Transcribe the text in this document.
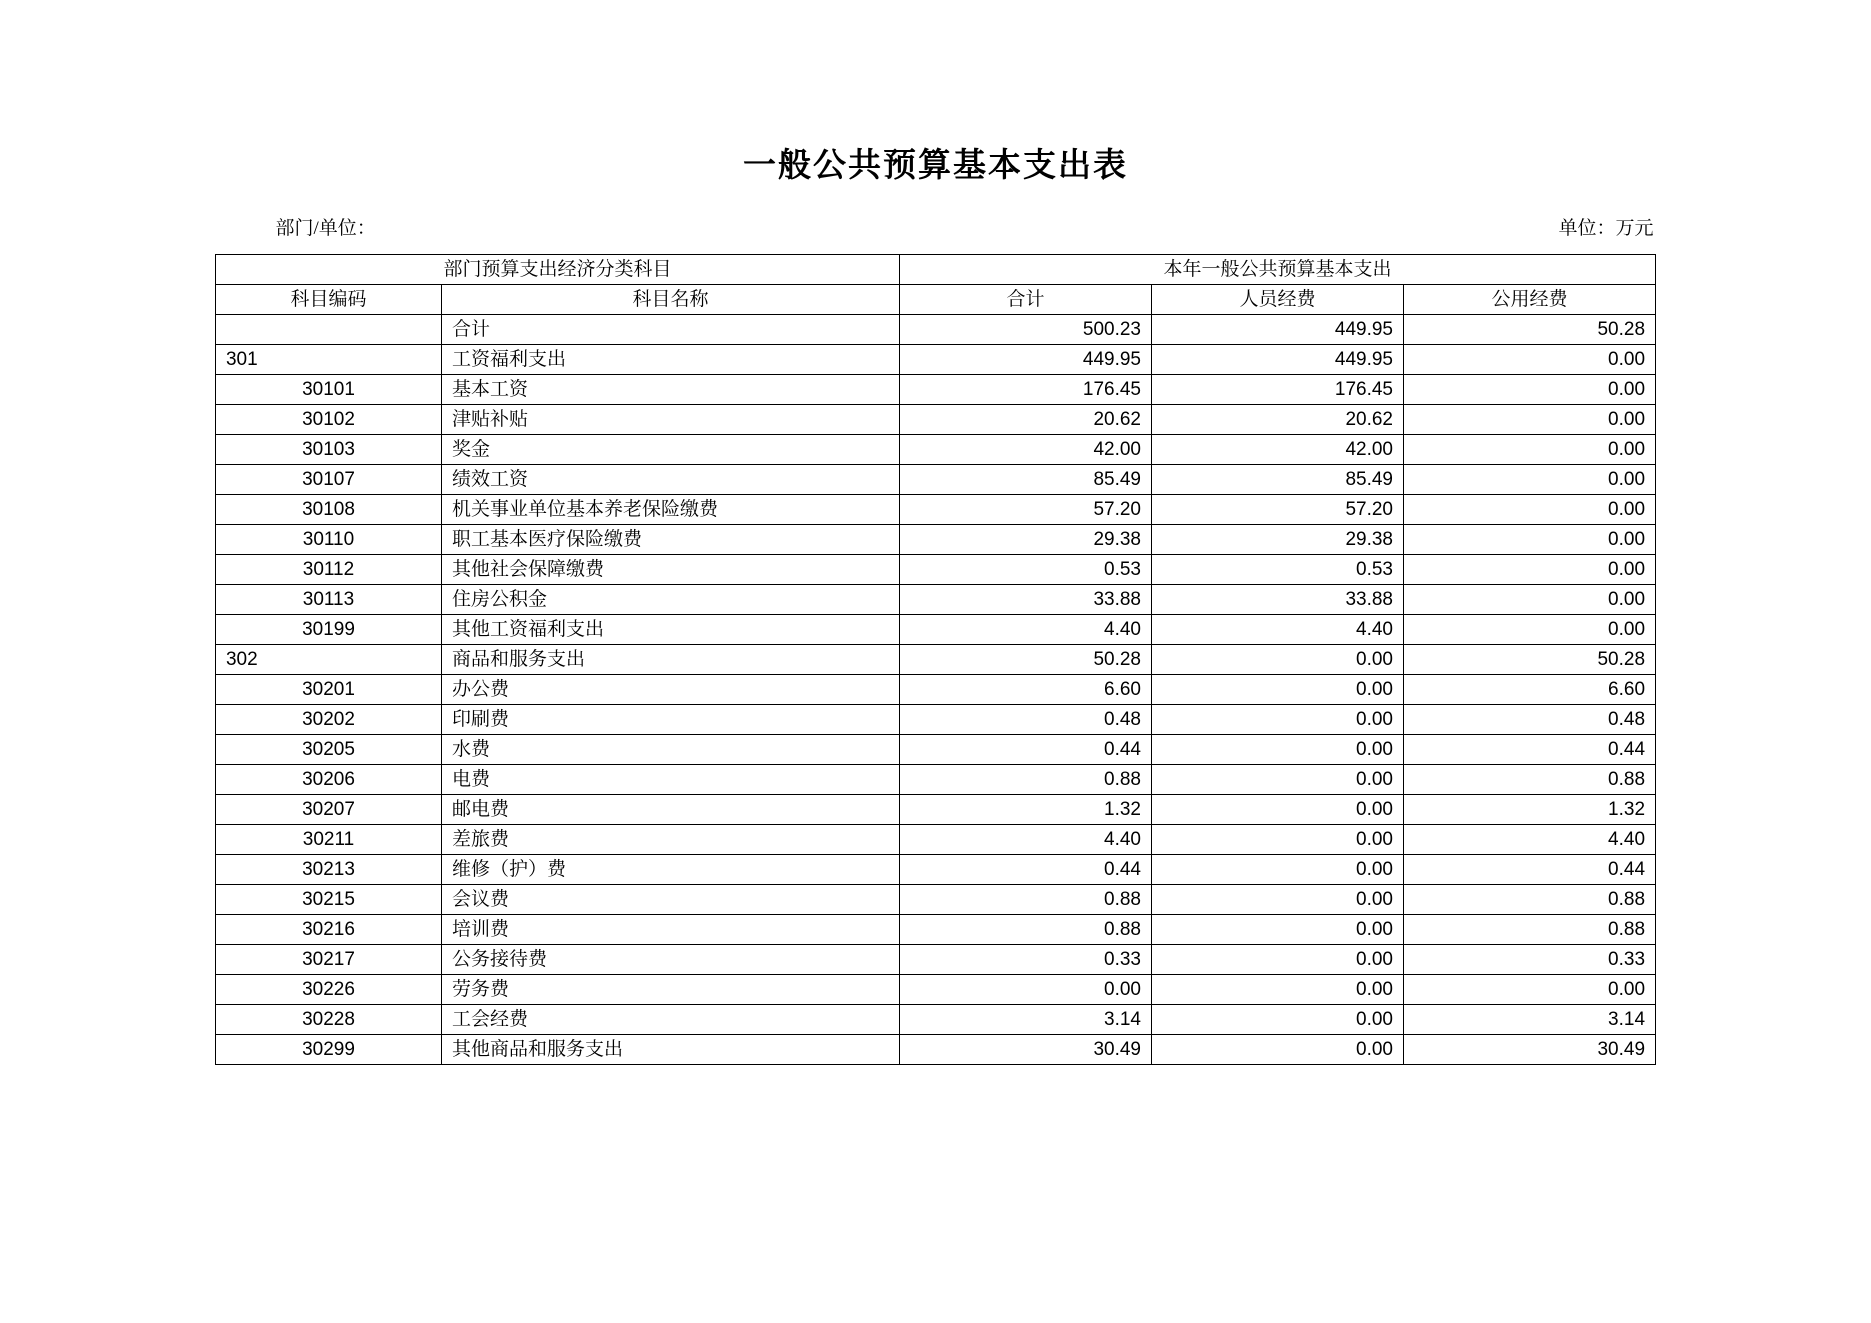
一般公共预算基本支出表
部门/单位：	单位：万元
部门预算支出经济分类科目		本年一般公共预算基本支出		
科目编码	科目名称	合计	人员经费	公用经费
	合计	500.23	449.95	50.28
301	工资福利支出	449.95	449.95	0.00
30101	基本工资	176.45	176.45	0.00
30102	津贴补贴	20.62	20.62	0.00
30103	奖金	42.00	42.00	0.00
30107	绩效工资	85.49	85.49	0.00
30108	机关事业单位基本养老保险缴费	57.20	57.20	0.00
30110	职工基本医疗保险缴费	29.38	29.38	0.00
30112	其他社会保障缴费	0.53	0.53	0.00
30113	住房公积金	33.88	33.88	0.00
30199	其他工资福利支出	4.40	4.40	0.00
302	商品和服务支出	50.28	0.00	50.28
30201	办公费	6.60	0.00	6.60
30202	印刷费	0.48	0.00	0.48
30205	水费	0.44	0.00	0.44
30206	电费	0.88	0.00	0.88
30207	邮电费	1.32	0.00	1.32
30211	差旅费	4.40	0.00	4.40
30213	维修（护）费	0.44	0.00	0.44
30215	会议费	0.88	0.00	0.88
30216	培训费	0.88	0.00	0.88
30217	公务接待费	0.33	0.00	0.33
30226	劳务费	0.00	0.00	0.00
30228	工会经费	3.14	0.00	3.14
30299	其他商品和服务支出	30.49	0.00	30.49
